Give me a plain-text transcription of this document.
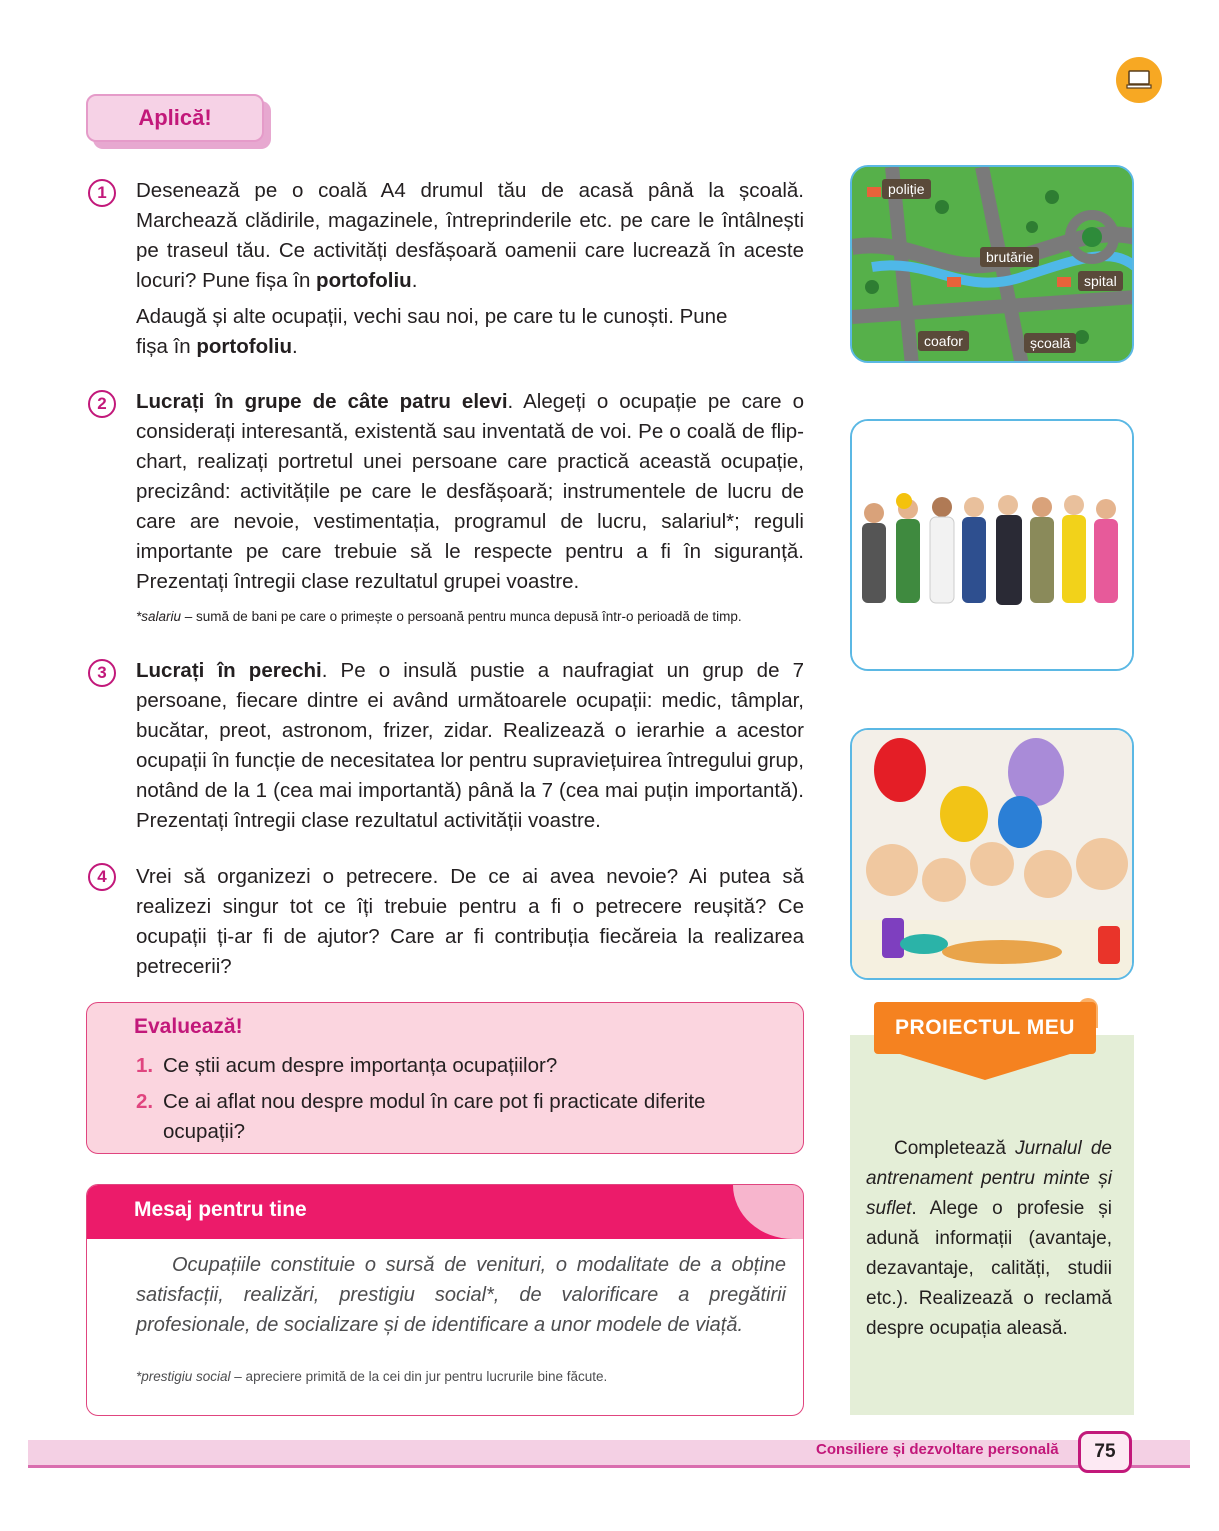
Aplică!
1	Desenează pe o coală A4 drumul tău de acasă până la școală. Marchează clădirile, magazinele, întreprinderile etc. pe care le întâlnești pe traseul tău. Ce activități desfășoară oamenii care lucrează în aceste locuri? Pune fișa în portofoliu.

Adaugă și alte ocupații, vechi sau noi, pe care tu le cunoști. Pune fișa în portofoliu.

2	Lucrați în grupe de câte patru elevi. Alegeți o ocupație pe care o considerați interesantă, existentă sau inventată de voi. Pe o coală de flip-chart, realizați portretul unei persoane care practică această ocupație, precizând: activitățile pe care le desfășoară; instrumentele de lucru de care are nevoie, vestimentația, programul de lucru, salariul*; reguli importante pe care trebuie să le respecte pentru a fi în siguranță. Prezentați întregii clase rezultatul grupei voastre.

*salariu – sumă de bani pe care o primește o persoană pentru munca depusă într-o perioadă de timp.
3	Lucrați în perechi. Pe o insulă pustie a naufragiat un grup de 7 persoane, fiecare dintre ei având următoarele ocupații: medic, tâmplar, bucătar, preot, astronom, frizer, zidar. Realizează o ierarhie a acestor ocupații în funcție de necesitatea lor pentru supraviețuirea întregului grup, notând de la 1 (cea mai importantă) până la 7 (cea mai puțin importantă). Prezentați întregii clase rezultatul activității voastre.

4	Vrei să organizezi o petrecere. De ce ai avea nevoie? Ai putea să realizezi singur tot ce îți trebuie pentru a fi o petrecere reușită? Ce ocupații ți-ar fi de ajutor? Care ar fi contribuția fiecăreia la realizarea petrecerii?

Evaluează!
1. Ce știi acum despre importanța ocupațiilor?
2. Ce ai aflat nou despre modul în care pot fi practicate diferite
ocupații?
Mesaj pentru tine
Ocupațiile constituie o sursă de venituri, o modalitate de a obține satisfacții, realizări, prestigiu social*, de valorificare a pregătirii profesionale, de socializare și de identificare a unor modele de viață.
*prestigiu social – apreciere primită de la cei din jur pentru lucrurile bine făcute.
poliție
brutărie
spital
coafor	școală
PROIECTUL MEU

Completează Jurnalul de antrenament pentru minte și suflet. Alege o profesie și adună informații (avantaje, dezavantaje, calități, studii etc.). Realizează o reclamă despre ocupația aleasă.

Consiliere și dezvoltare personală	75
